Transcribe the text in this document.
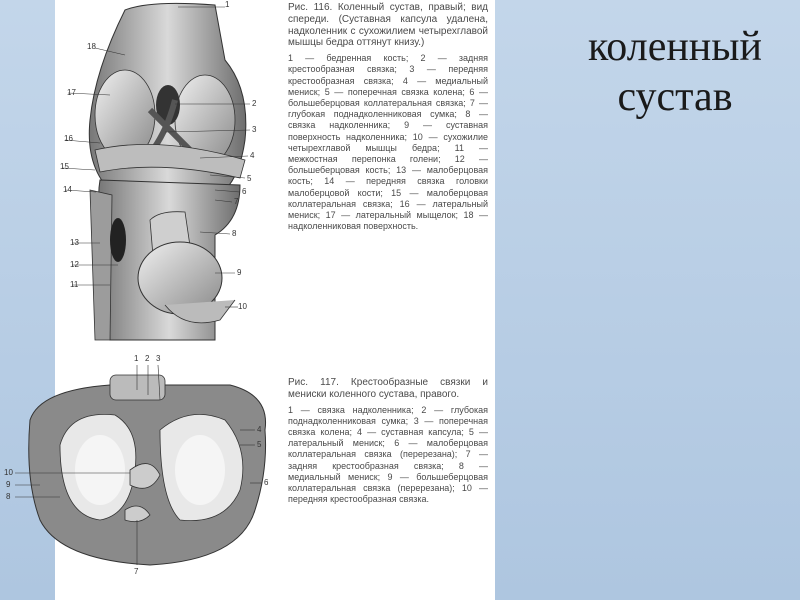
1
18
2
17
3
16
4
15
5
14	6
7
13
8
12
9
11
10
1 2 3
4
5
6
7
8
9
10
Рис. 116. Коленный сустав, правый; вид спереди. (Суставная капсула удалена, надколенник с сухожилием четырехглавой мышцы бедра оттянут книзу.)
1 — бедренная кость; 2 — задняя крестообразная связка; 3 — передняя крестообразная связка; 4 — медиальный мениск; 5 — поперечная связка колена; 6 — большеберцовая коллатеральная связка; 7 — глубокая поднадколенниковая сумка; 8 — связка надколенника; 9 — суставная поверхность надколенника; 10 — сухожилие четырехглавой мышцы бедра; 11 — межкостная перепонка голени; 12 — большеберцовая кость; 13 — малоберцовая кость; 14 — передняя связка головки малоберцовой кости; 15 — малоберцовая коллатеральная связка; 16 — латеральный мениск; 17 — латеральный мыщелок; 18 — надколенниковая поверхность.
Рис. 117. Крестообразные связки и мениски коленного сустава, правого.
1 — связка надколенника; 2 — глубокая поднадколенниковая сумка; 3 — поперечная связка колена; 4 — суставная капсула; 5 — латеральный мениск; 6 — малоберцовая коллатеральная связка (перерезана); 7 — задняя крестообразная связка; 8 — медиальный мениск; 9 — большеберцовая коллатеральная связка (перерезана); 10 — передняя крестообразная связка.
коленный
сустав
